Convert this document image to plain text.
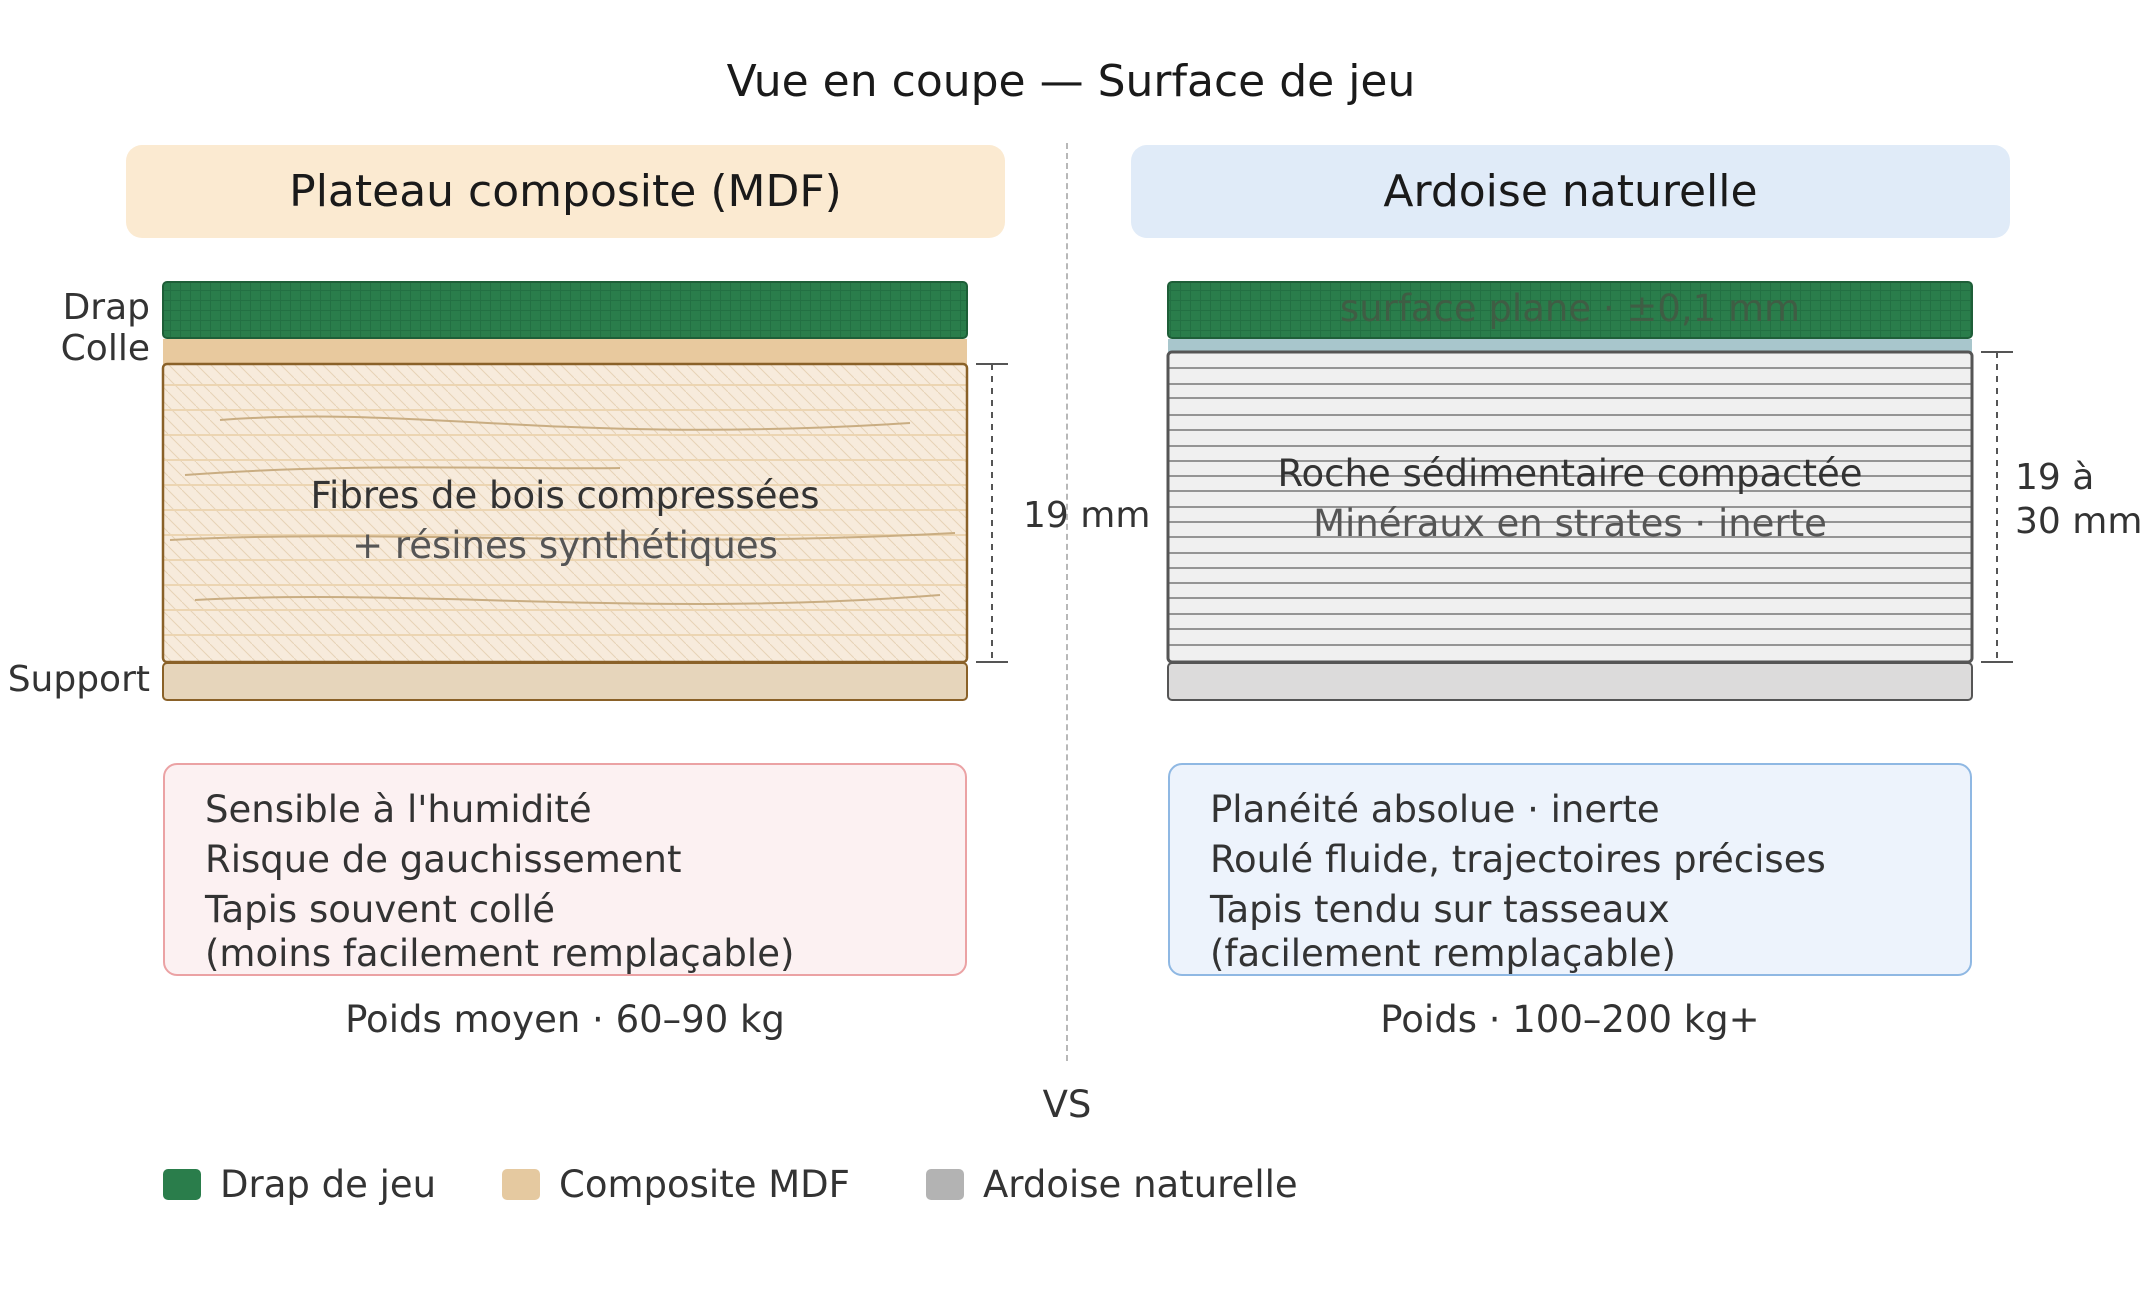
Vue en coupe — Surface de jeu
Plateau composite (MDF)	Ardoise naturelle
Drap
Colle
Support
Fibres de bois compressées
+ résines synthétiques
19 mm
surface plane · ±0,1 mm
Roche sédimentaire compactée
Minéraux en strates · inerte
19 à
30 mm
Sensible à l'humidité
Risque de gauchissement
Tapis souvent collé
(moins facilement remplaçable)
Planéité absolue · inerte
Roulé fluide, trajectoires précises
Tapis tendu sur tasseaux
(facilement remplaçable)
Poids moyen · 60–90 kg	Poids · 100–200 kg+
VS
Drap de jeu	Composite MDF	Ardoise naturelle
